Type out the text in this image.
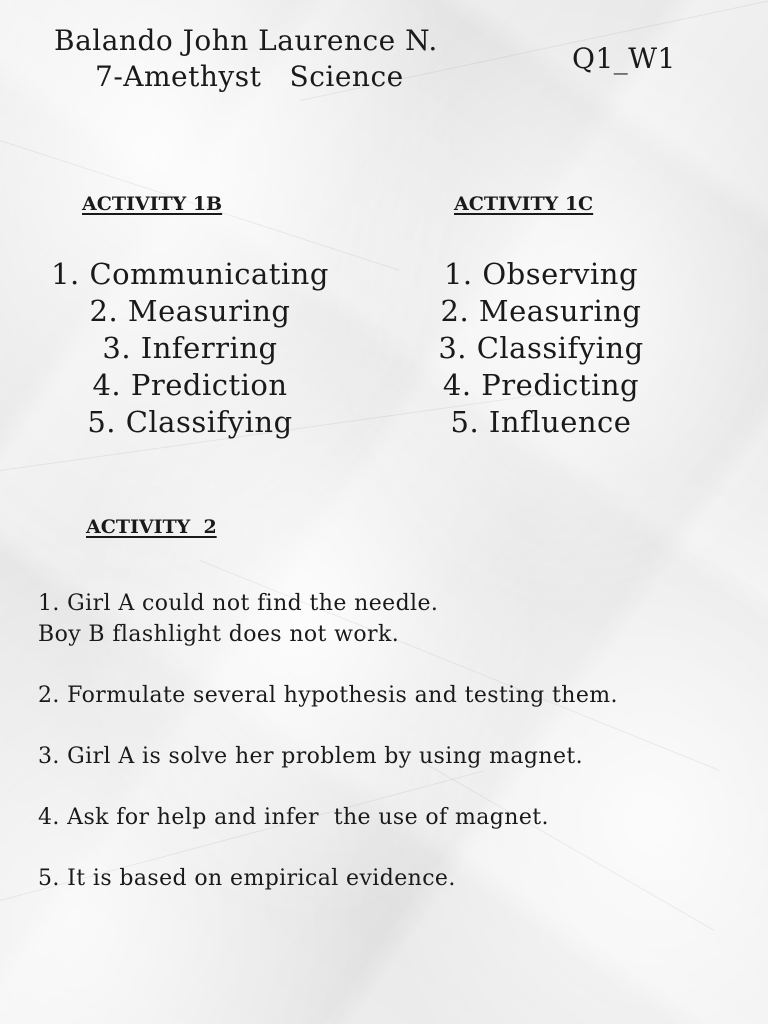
Balando John Laurence N.
7-Amethyst   Science
Q1_W1
ACTIVITY 1B	ACTIVITY 1C
1. Communicating
2. Measuring
3. Inferring
4. Prediction
5. Classifying
1. Observing
2. Measuring
3. Classifying
4. Predicting
5. Influence
ACTIVITY  2
1. Girl A could not find the needle.
Boy B flashlight does not work.
2. Formulate several hypothesis and testing them.
3. Girl A is solve her problem by using magnet.
4. Ask for help and infer  the use of magnet.
5. It is based on empirical evidence.
